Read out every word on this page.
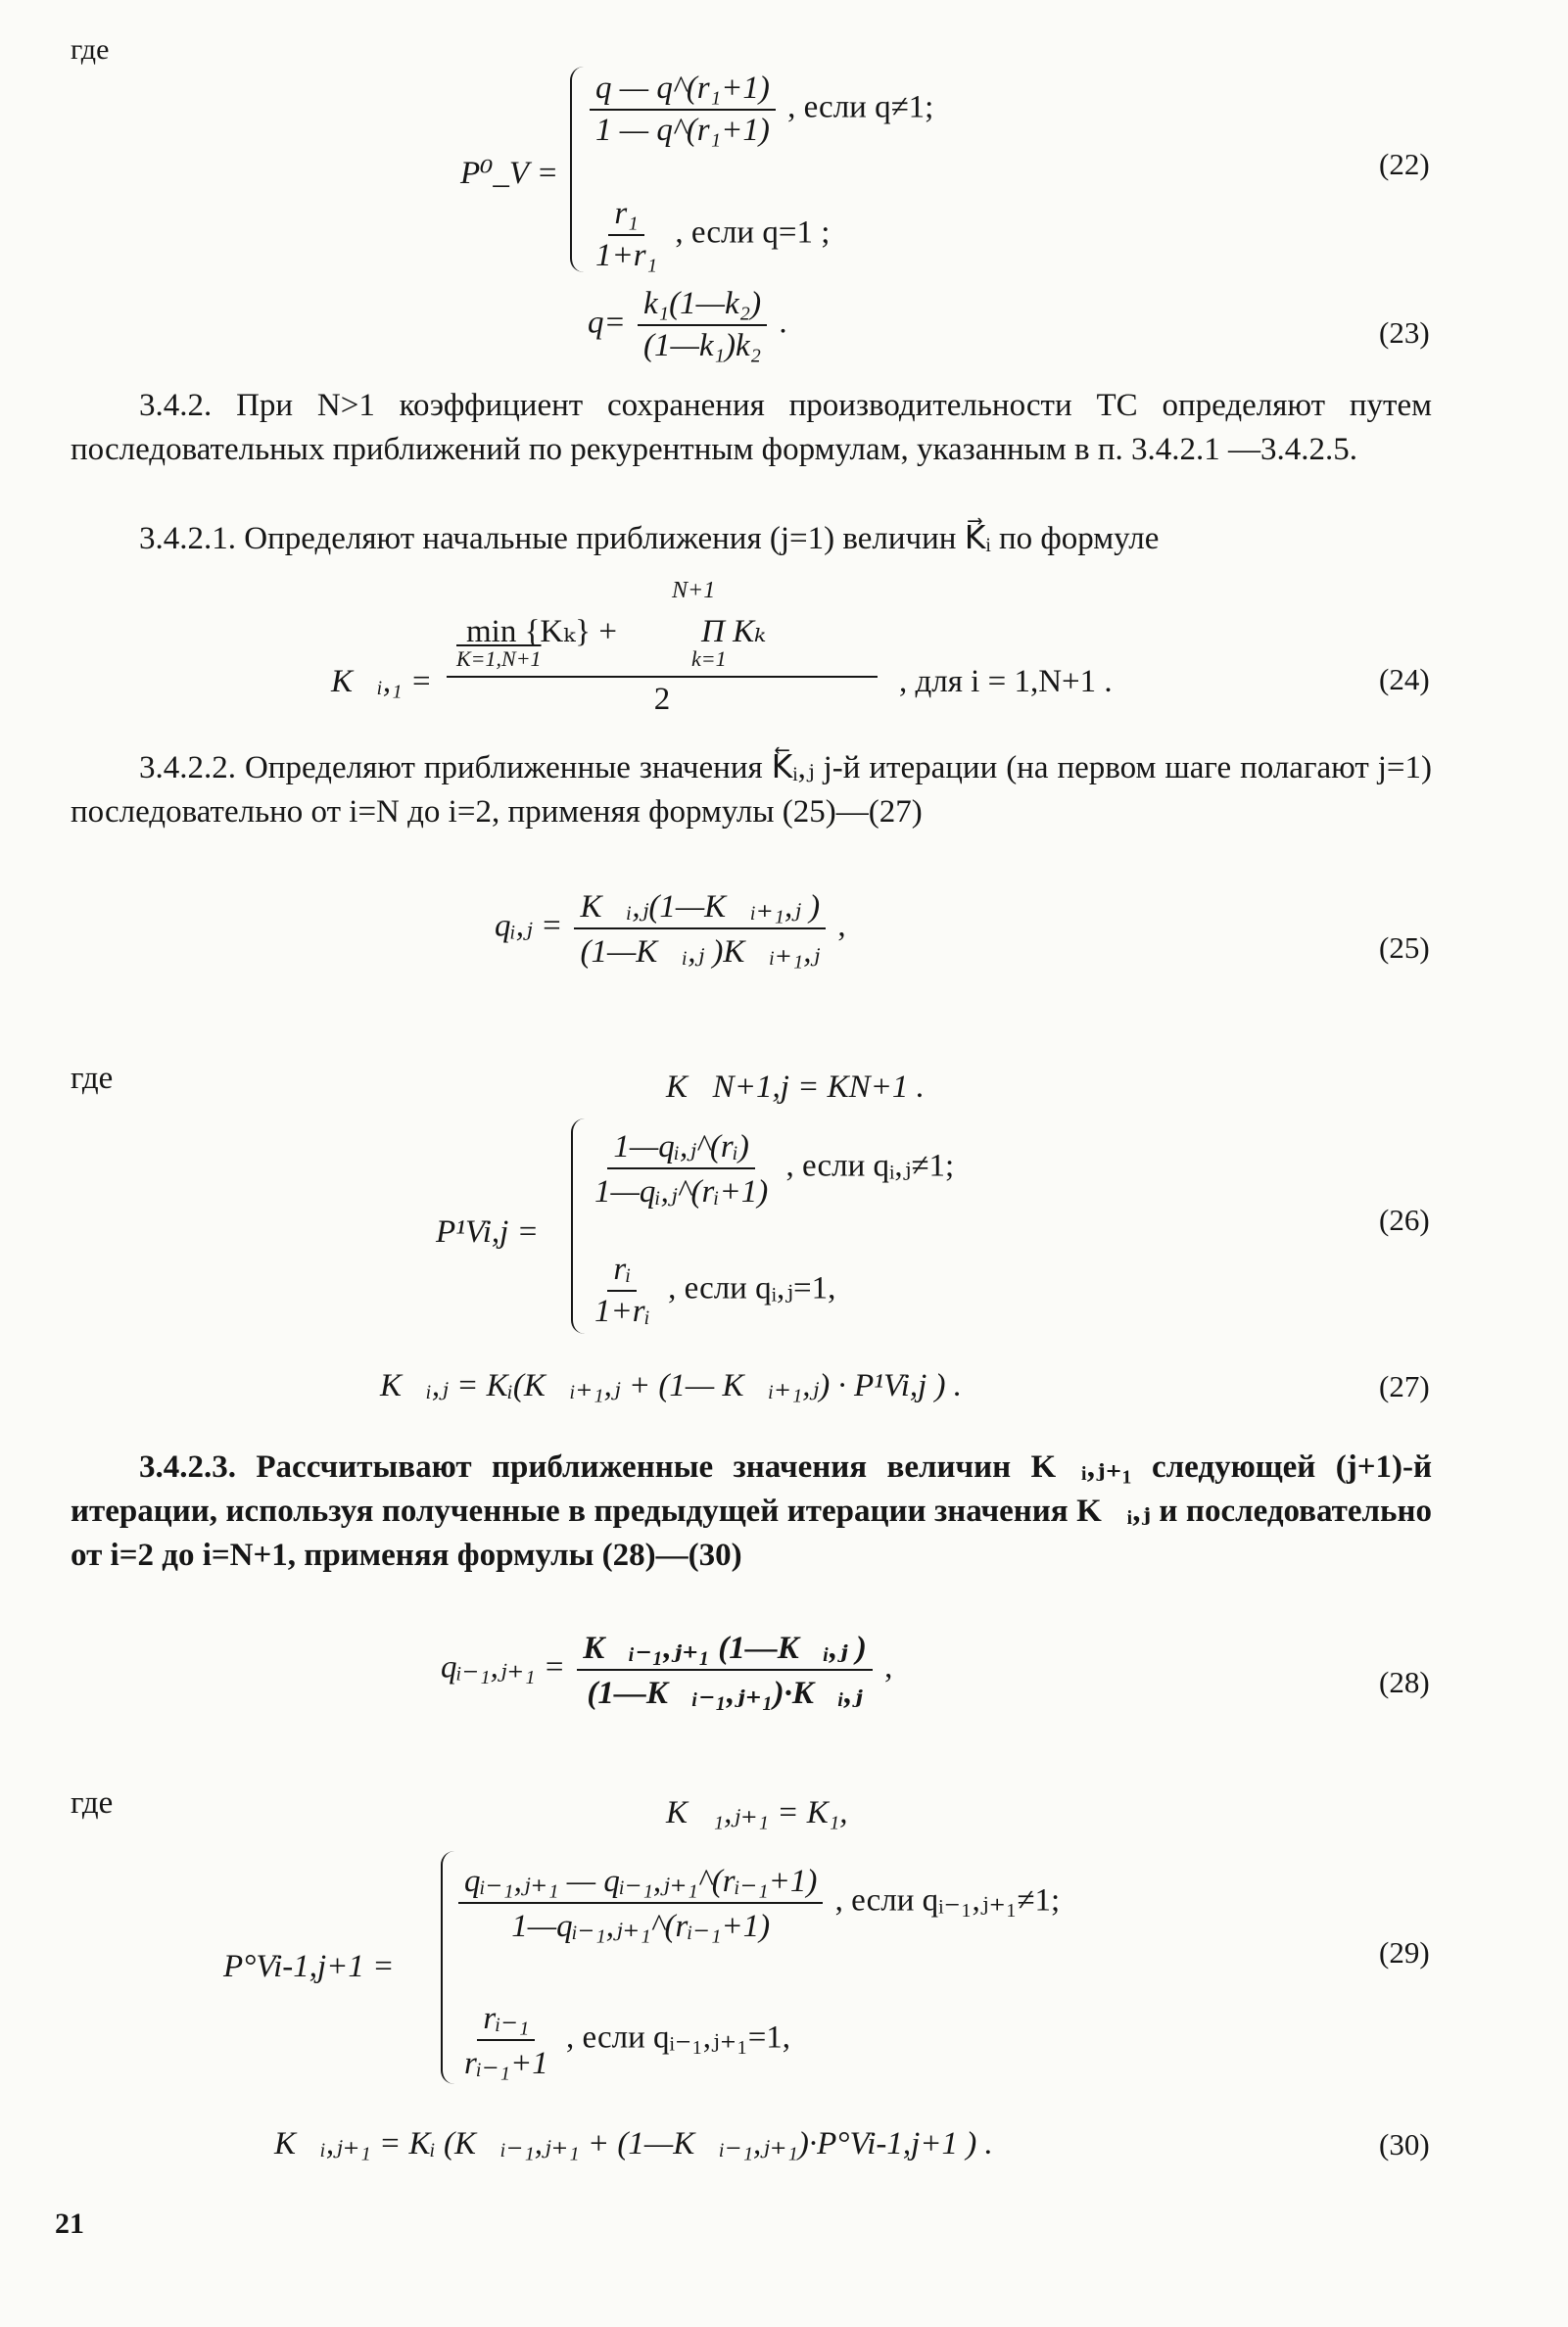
где

P⁰_V =
$\frac{\text{q — q\textasciicircum{}(r₁+1)}}{\text{1 — q\textasciicircum{}(r₁+1)}}$ , если q≠1;
$\frac{\text{r₁}}{\text{1+r₁}}$ , если q=1 ;
(22)
$q= \frac{\text{k₁(1—k₂)}}{\text{(1—k₁)k₂}}$ .	(23)

3.4.2. При N>1 коэффициент сохранения производительности ТС определяют путем последовательных приближений по рекурентным формулам, указанным в п. 3.4.2.1 —3.4.2.5.

3.4.2.1. Определяют начальные приближения (j=1) величин K⃗ᵢ по формуле

K⃗ᵢ,₁ =
N+1
min {Kₖ} +	Π Kₖ
K=1,N+1	k=1
2	, для i = 1,N+1 .	(24)

3.4.2.2. Определяют приближенные значения K⃖ᵢ,ⱼ j-й итерации (на первом шаге полагают j=1) последовательно от i=N до i=2, применяя формулы (25)—(27)

qᵢ,ⱼ = $\frac{\text{K⃗ᵢ,ⱼ(1—K⃖ᵢ₊₁,ⱼ )}}{\text{(1—K⃗ᵢ,ⱼ )K⃗ᵢ₊₁,ⱼ}}$ ,
(25)

где	K⃖N+1,j = KN+1 .
P¹Vi,j =
$\frac{\text{1—qᵢ,ⱼ\textasciicircum{}(rᵢ)}}{\text{1—qᵢ,ⱼ\textasciicircum{}(rᵢ+1)}}$ , если qᵢ,ⱼ≠1;
$\frac{\text{rᵢ}}{\text{1+rᵢ}}$ , если qᵢ,ⱼ=1,
(26)
K⃖ᵢ,ⱼ = Kᵢ(K⃖ᵢ₊₁,ⱼ + (1— K⃖ᵢ₊₁,ⱼ) · P¹Vi,j ) .	(27)

3.4.2.3. Рассчитывают приближенные значения величин K⃗ᵢ,ⱼ₊₁ следующей (j+1)-й итерации, используя полученные в предыдущей итерации значения K⃖ᵢ,ⱼ и последовательно от i=2 до i=N+1, применяя формулы (28)—(30)

qᵢ₋₁,ⱼ₊₁ = $\frac{\text{K⃗ᵢ₋₁,ⱼ₊₁ (1—K⃖ᵢ,ⱼ )}}{\text{(1—K⃗ᵢ₋₁,ⱼ₊₁)·K⃖ᵢ,ⱼ}}$ ,	(28)

где	K⃗₁,ⱼ₊₁ = K₁,
P°Vi-1,j+1 =
$\frac{\text{qᵢ₋₁,ⱼ₊₁ — qᵢ₋₁,ⱼ₊₁\textasciicircum{}(rᵢ₋₁+1)}}{\text{1—qᵢ₋₁,ⱼ₊₁\textasciicircum{}(rᵢ₋₁+1)}}$ , если qᵢ₋₁,ⱼ₊₁≠1;
$\frac{\text{rᵢ₋₁}}{\text{rᵢ₋₁+1}}$ , если qᵢ₋₁,ⱼ₊₁=1,
(29)
K⃗ᵢ,ⱼ₊₁ = Kᵢ (K⃗ᵢ₋₁,ⱼ₊₁ + (1—K⃗ᵢ₋₁,ⱼ₊₁)·P°Vi-1,j+1 ) .	(30)
21
